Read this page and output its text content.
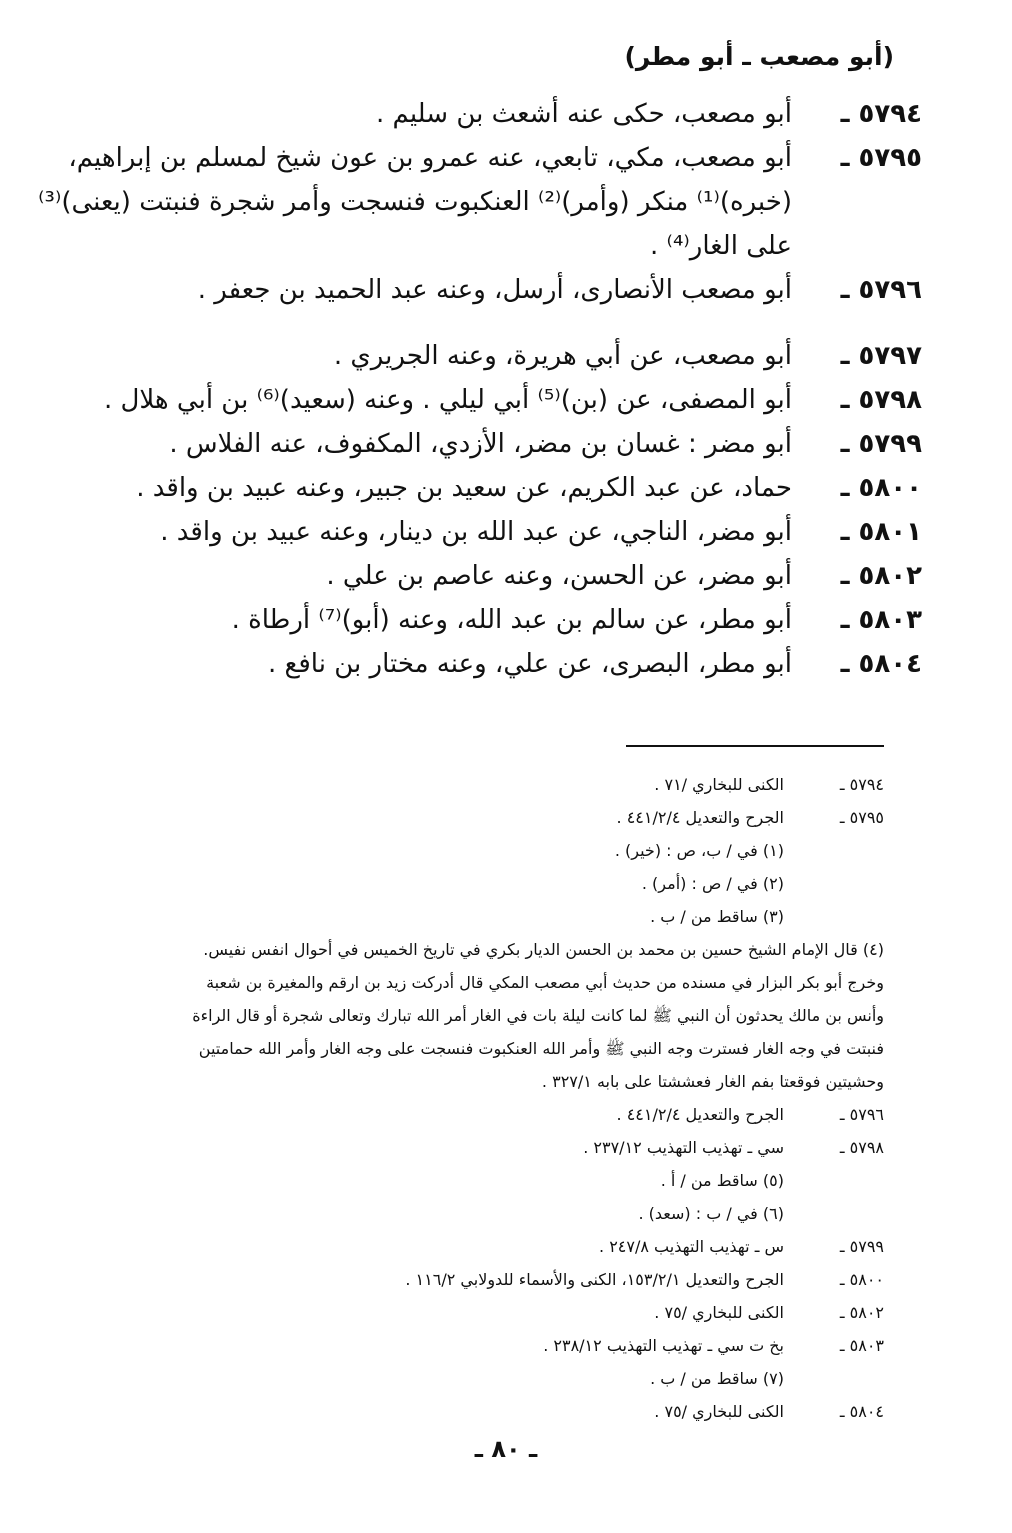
(أبو مصعب ـ أبو مطر)
٥٧٩٤ ـ
أبو مصعب، حكى عنه أشعث بن سليم .
٥٧٩٥ ـ
أبو مصعب، مكي، تابعي، عنه عمرو بن عون شيخ لمسلم بن إبراهيم،
(خبره)⁽¹⁾ منكر (وأمر)⁽²⁾ العنكبوت فنسجت وأمر شجرة فنبتت (يعنى)⁽³⁾
على الغار⁽⁴⁾ .
٥٧٩٦ ـ
أبو مصعب الأنصارى، أرسل، وعنه عبد الحميد بن جعفر .
٥٧٩٧ ـ
أبو مصعب، عن أبي هريرة، وعنه الجريري .
٥٧٩٨ ـ
أبو المصفى، عن (بن)⁽⁵⁾ أبي ليلي . وعنه (سعيد)⁽⁶⁾ بن أبي هلال .
٥٧٩٩ ـ
أبو مضر : غسان بن مضر، الأزدي، المكفوف، عنه الفلاس .
٥٨٠٠ ـ
حماد، عن عبد الكريم، عن سعيد بن جبير، وعنه عبيد بن واقد .
٥٨٠١ ـ
أبو مضر، الناجي، عن عبد الله بن دينار، وعنه عبيد بن واقد .
٥٨٠٢ ـ
أبو مضر، عن الحسن، وعنه عاصم بن علي .
٥٨٠٣ ـ
أبو مطر، عن سالم بن عبد الله، وعنه (أبو)⁽⁷⁾ أرطاة .
٥٨٠٤ ـ
أبو مطر، البصرى، عن علي، وعنه مختار بن نافع .
٥٧٩٤ ـ
الكنى للبخاري /٧١ .
٥٧٩٥ ـ
الجرح والتعديل ٤٤١/٢/٤ .
(١) في / ب، ص : (خير) .
(٢) في / ص : (أمر) .
(٣) ساقط من / ب .
(٤) قال الإمام الشيخ حسين بن محمد بن الحسن الديار بكري في تاريخ الخميس في أحوال انفس نفيس.
وخرج أبو بكر البزار في مسنده من حديث أبي مصعب المكي قال أدركت زيد بن ارقم والمغيرة بن شعبة
وأنس بن مالك يحدثون أن النبي ﷺ لما كانت ليلة بات في الغار أمر الله تبارك وتعالى شجرة أو قال الراءة
فنبتت في وجه الغار فسترت وجه النبي ﷺ وأمر الله العنكبوت فنسجت على وجه الغار وأمر الله حمامتين
وحشيتين فوقعتا بفم الغار فعششتا على بابه ٣٢٧/١ .
٥٧٩٦ ـ
الجرح والتعديل ٤٤١/٢/٤ .
٥٧٩٨ ـ
سي ـ تهذيب التهذيب ٢٣٧/١٢ .
(٥) ساقط من / أ .
(٦) في / ب : (سعد) .
٥٧٩٩ ـ
س ـ تهذيب التهذيب ٢٤٧/٨ .
٥٨٠٠ ـ
الجرح والتعديل ١٥٣/٢/١، الكنى والأسماء للدولابي ١١٦/٢ .
٥٨٠٢ ـ
الكنى للبخاري /٧٥ .
٥٨٠٣ ـ
بخ ت سي ـ تهذيب التهذيب ٢٣٨/١٢ .
(٧) ساقط من / ب .
٥٨٠٤ ـ
الكنى للبخاري /٧٥ .
ـ ٨٠ ـ
